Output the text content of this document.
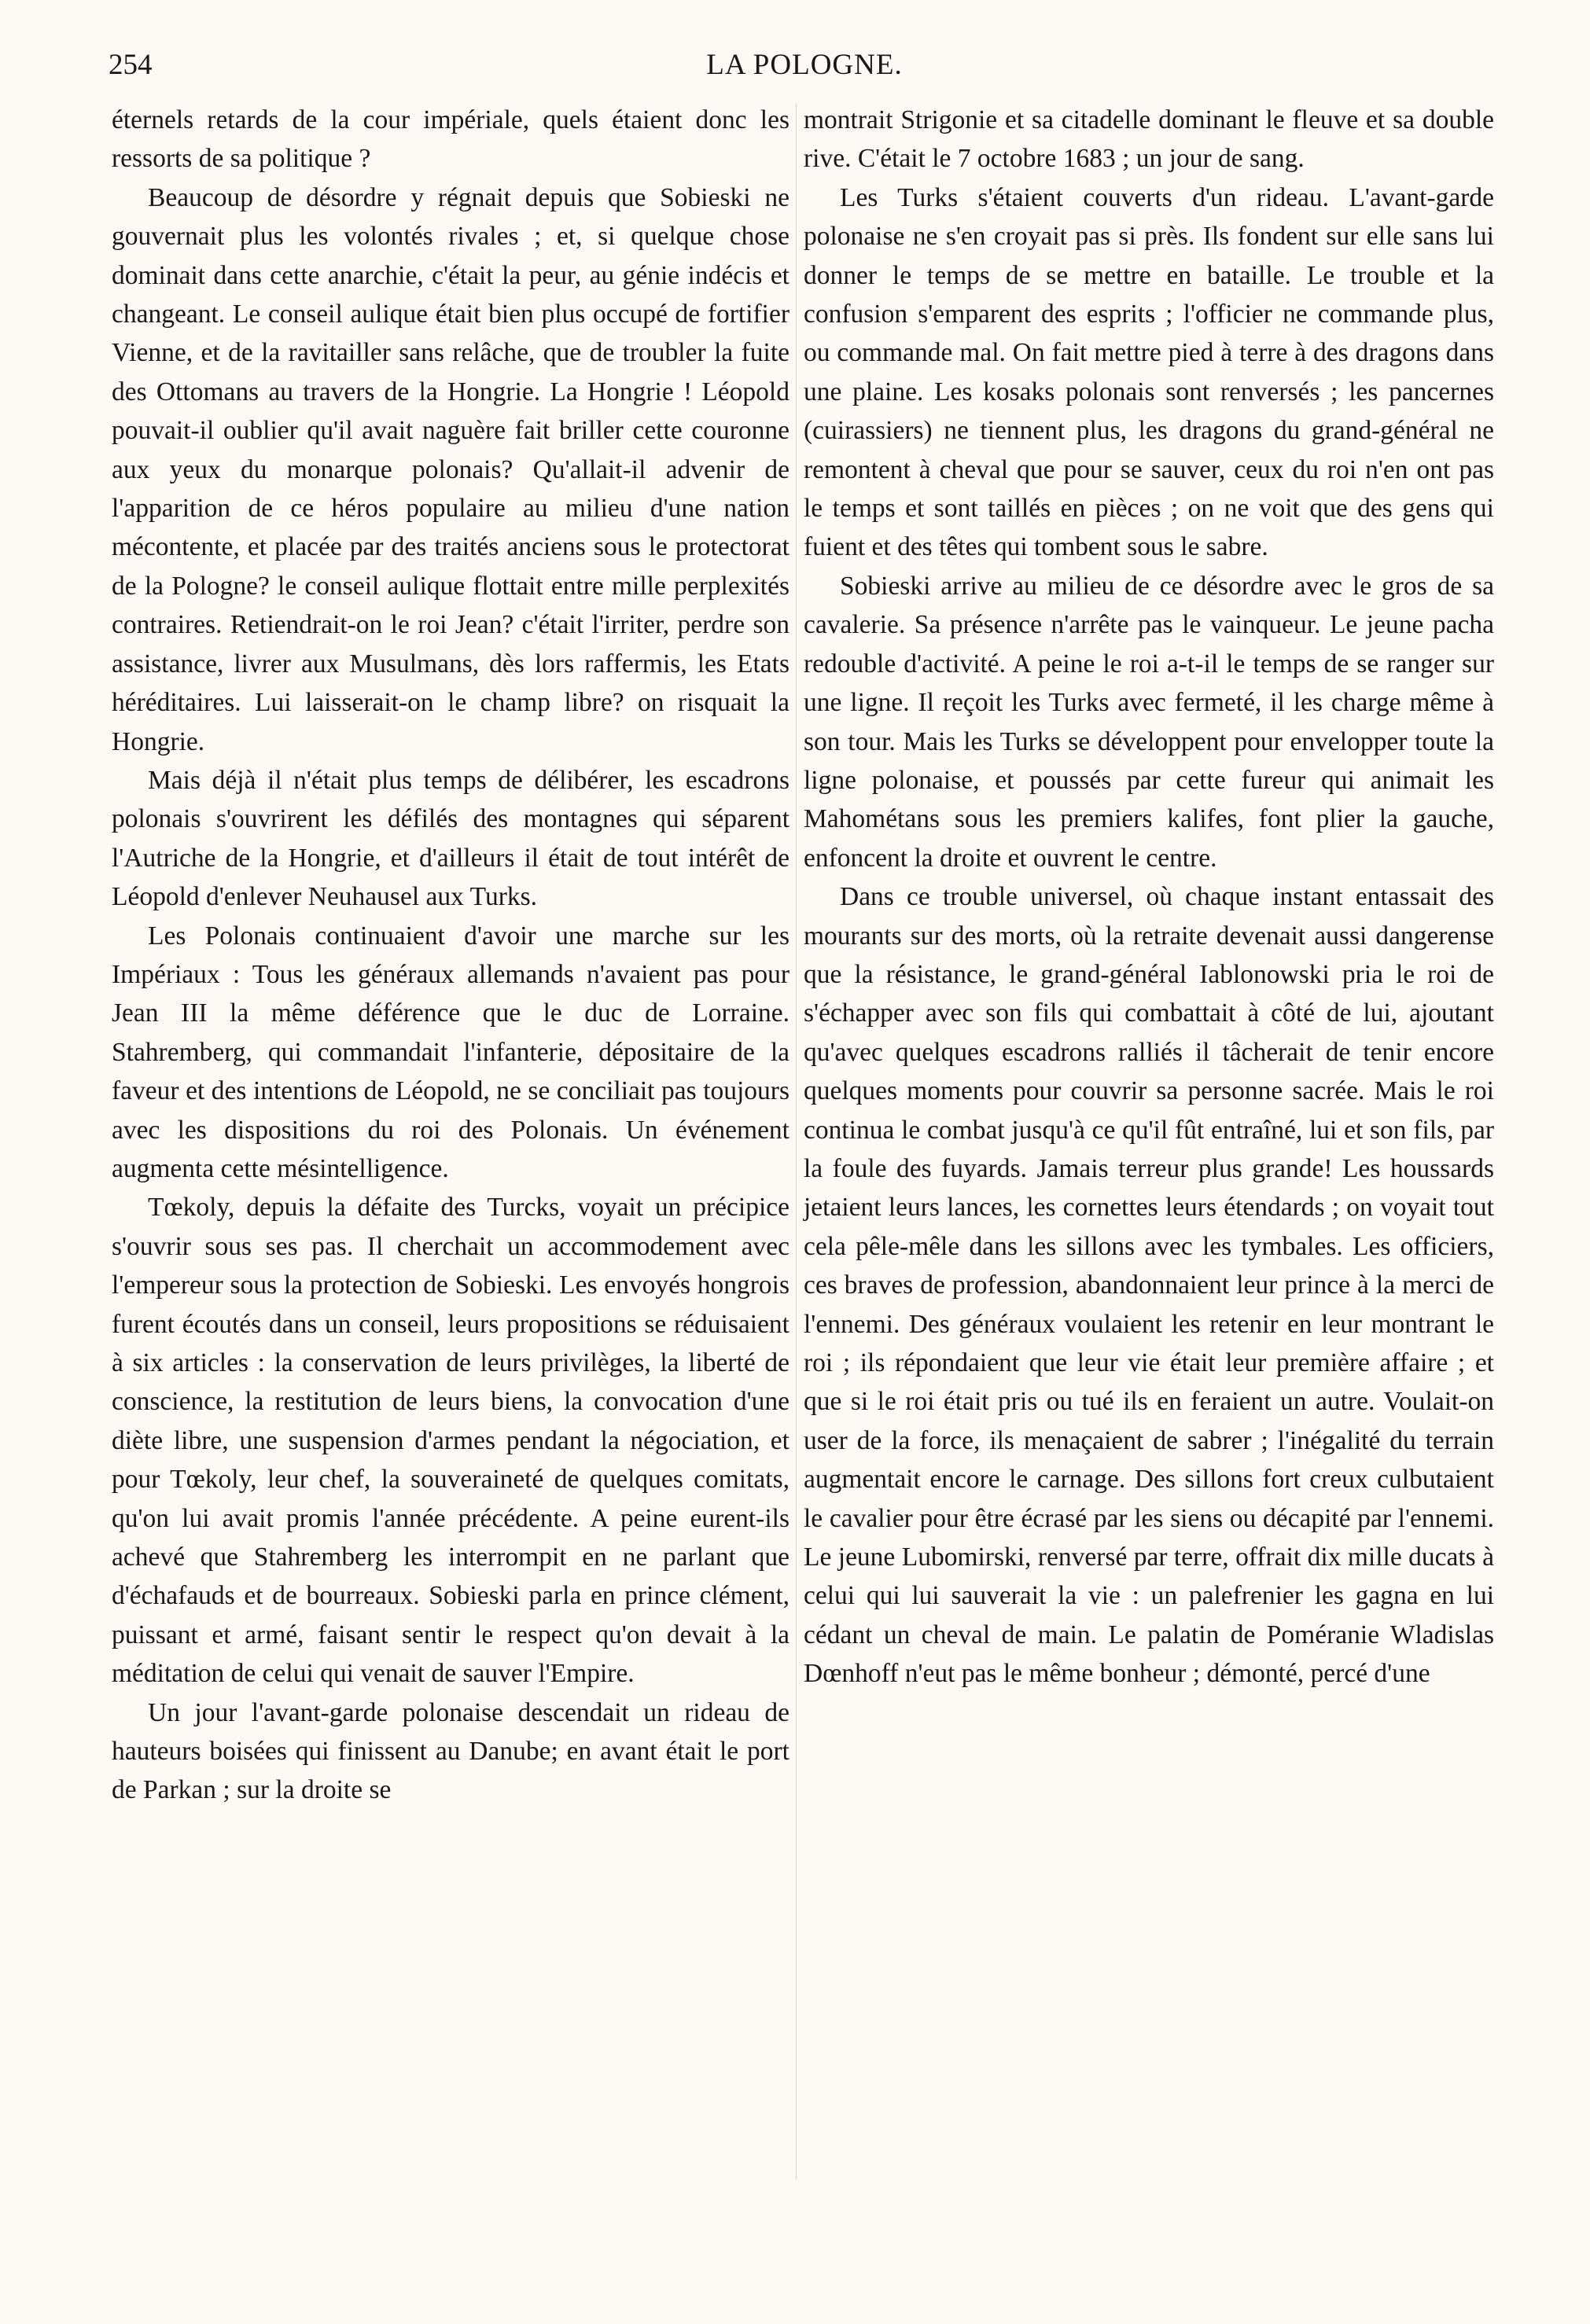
254	LA POLOGNE.

éternels retards de la cour impériale, quels étaient donc les ressorts de sa politique ?

Beaucoup de désordre y régnait depuis que Sobieski ne gouvernait plus les volontés rivales ; et, si quelque chose dominait dans cette anarchie, c'était la peur, au génie indécis et changeant. Le conseil aulique était bien plus occupé de fortifier Vienne, et de la ravitailler sans relâche, que de troubler la fuite des Ottomans au travers de la Hongrie. La Hongrie ! Léopold pouvait-il oublier qu'il avait naguère fait briller cette couronne aux yeux du monarque polonais? Qu'allait-il advenir de l'apparition de ce héros populaire au milieu d'une nation mécontente, et placée par des traités anciens sous le protectorat de la Pologne? le conseil aulique flottait entre mille perplexités contraires. Retiendrait-on le roi Jean? c'était l'irriter, perdre son assistance, livrer aux Musulmans, dès lors raffermis, les Etats héréditaires. Lui laisserait-on le champ libre? on risquait la Hongrie.

Mais déjà il n'était plus temps de délibérer, les escadrons polonais s'ouvrirent les défilés des montagnes qui séparent l'Autriche de la Hongrie, et d'ailleurs il était de tout intérêt de Léopold d'enlever Neuhausel aux Turks.

Les Polonais continuaient d'avoir une marche sur les Impériaux : Tous les généraux allemands n'avaient pas pour Jean III la même déférence que le duc de Lorraine. Stahremberg, qui commandait l'infanterie, dépositaire de la faveur et des intentions de Léopold, ne se conciliait pas toujours avec les dispositions du roi des Polonais. Un événement augmenta cette mésintelligence.

Tœkoly, depuis la défaite des Turcks, voyait un précipice s'ouvrir sous ses pas. Il cherchait un accommodement avec l'empereur sous la protection de Sobieski. Les envoyés hongrois furent écoutés dans un conseil, leurs propositions se réduisaient à six articles : la conservation de leurs privilèges, la liberté de conscience, la restitution de leurs biens, la convocation d'une diète libre, une suspension d'armes pendant la négociation, et pour Tœkoly, leur chef, la souveraineté de quelques comitats, qu'on lui avait promis l'année précédente. A peine eurent-ils achevé que Stahremberg les interrompit en ne parlant que d'échafauds et de bourreaux. Sobieski parla en prince clément, puissant et armé, faisant sentir le respect qu'on devait à la méditation de celui qui venait de sauver l'Empire.

Un jour l'avant-garde polonaise descendait un rideau de hauteurs boisées qui finissent au Danube; en avant était le port de Parkan ; sur la droite se

montrait Strigonie et sa citadelle dominant le fleuve et sa double rive. C'était le 7 octobre 1683 ; un jour de sang.

Les Turks s'étaient couverts d'un rideau. L'avant-garde polonaise ne s'en croyait pas si près. Ils fondent sur elle sans lui donner le temps de se mettre en bataille. Le trouble et la confusion s'emparent des esprits ; l'officier ne commande plus, ou commande mal. On fait mettre pied à terre à des dragons dans une plaine. Les kosaks polonais sont renversés ; les pancernes (cuirassiers) ne tiennent plus, les dragons du grand-général ne remontent à cheval que pour se sauver, ceux du roi n'en ont pas le temps et sont taillés en pièces ; on ne voit que des gens qui fuient et des têtes qui tombent sous le sabre.

Sobieski arrive au milieu de ce désordre avec le gros de sa cavalerie. Sa présence n'arrête pas le vainqueur. Le jeune pacha redouble d'activité. A peine le roi a-t-il le temps de se ranger sur une ligne. Il reçoit les Turks avec fermeté, il les charge même à son tour. Mais les Turks se développent pour envelopper toute la ligne polonaise, et poussés par cette fureur qui animait les Mahométans sous les premiers kalifes, font plier la gauche, enfoncent la droite et ouvrent le centre.

Dans ce trouble universel, où chaque instant entassait des mourants sur des morts, où la retraite devenait aussi dangerense que la résistance, le grand-général Iablonowski pria le roi de s'échapper avec son fils qui combattait à côté de lui, ajoutant qu'avec quelques escadrons ralliés il tâcherait de tenir encore quelques moments pour couvrir sa personne sacrée. Mais le roi continua le combat jusqu'à ce qu'il fût entraîné, lui et son fils, par la foule des fuyards. Jamais terreur plus grande! Les houssards jetaient leurs lances, les cornettes leurs étendards ; on voyait tout cela pêle-mêle dans les sillons avec les tymbales. Les officiers, ces braves de profession, abandonnaient leur prince à la merci de l'ennemi. Des généraux voulaient les retenir en leur montrant le roi ; ils répondaient que leur vie était leur première affaire ; et que si le roi était pris ou tué ils en feraient un autre. Voulait-on user de la force, ils menaçaient de sabrer ; l'inégalité du terrain augmentait encore le carnage. Des sillons fort creux culbutaient le cavalier pour être écrasé par les siens ou décapité par l'ennemi. Le jeune Lubomirski, renversé par terre, offrait dix mille ducats à celui qui lui sauverait la vie : un palefrenier les gagna en lui cédant un cheval de main. Le palatin de Poméranie Wladislas Dœnhoff n'eut pas le même bonheur ; démonté, percé d'une
